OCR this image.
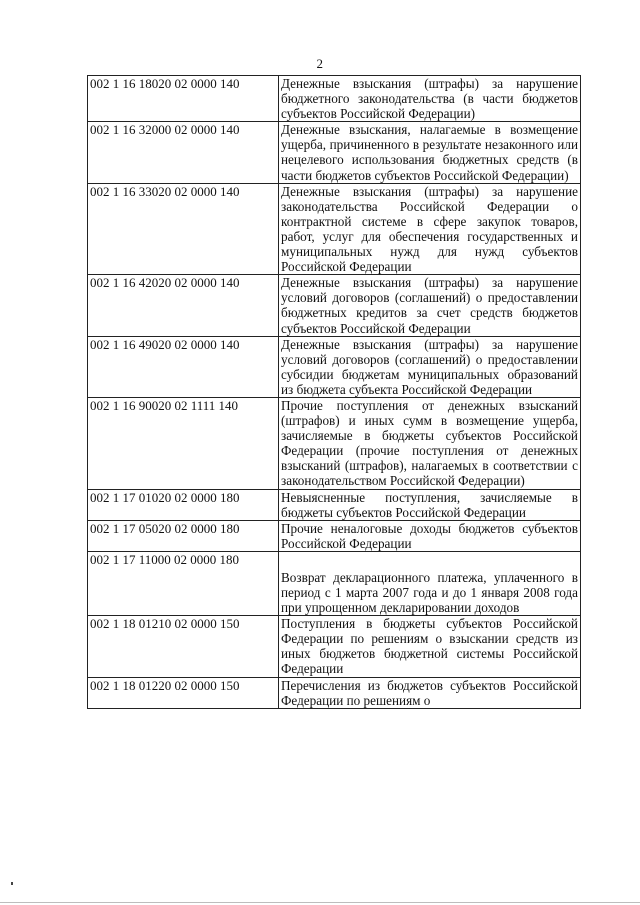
2
002 1 16 18020 02 0000 140	Денежные взыскания (штрафы) за нарушение бюджетного законодательства (в части бюджетов субъектов Российской Федерации)
002 1 16 32000 02 0000 140	Денежные взыскания, налагаемые в возмещение ущерба, причиненного в результате незаконного или нецелевого использования бюджетных средств (в части бюджетов субъектов Российской Федерации)
002 1 16 33020 02 0000 140	Денежные взыскания (штрафы) за нарушение законодательства Российской Федерации о контрактной системе в сфере закупок товаров, работ, услуг для обеспечения государственных и муниципальных нужд для нужд субъектов Российской Федерации
002 1 16 42020 02 0000 140	Денежные взыскания (штрафы) за нарушение условий договоров (соглашений) о предоставлении бюджетных кредитов за счет средств бюджетов субъектов Российской Федерации
002 1 16 49020 02 0000 140	Денежные взыскания (штрафы) за нарушение условий договоров (соглашений) о предоставлении субсидии бюджетам муниципальных образований из бюджета субъекта Российской Федерации
002 1 16 90020 02 1111 140	Прочие поступления от денежных взысканий (штрафов) и иных сумм в возмещение ущерба, зачисляемые в бюджеты субъектов Российской Федерации (прочие поступления от денежных взысканий (штрафов), налагаемых в соответствии с законодательством Российской Федерации)
002 1 17 01020 02 0000 180	Невыясненные поступления, зачисляемые в бюджеты субъектов Российской Федерации
002 1 17 05020 02 0000 180	Прочие неналоговые доходы бюджетов субъектов Российской Федерации
002 1 17 11000 02 0000 180	Возврат декларационного платежа, уплаченного в период с 1 марта 2007 года и до 1 января 2008 года при упрощенном декларировании доходов
002 1 18 01210 02 0000 150	Поступления в бюджеты субъектов Российской Федерации по решениям о взыскании средств из иных бюджетов бюджетной системы Российской Федерации
002 1 18 01220 02 0000 150	Перечисления из бюджетов субъектов Российской Федерации по решениям о
